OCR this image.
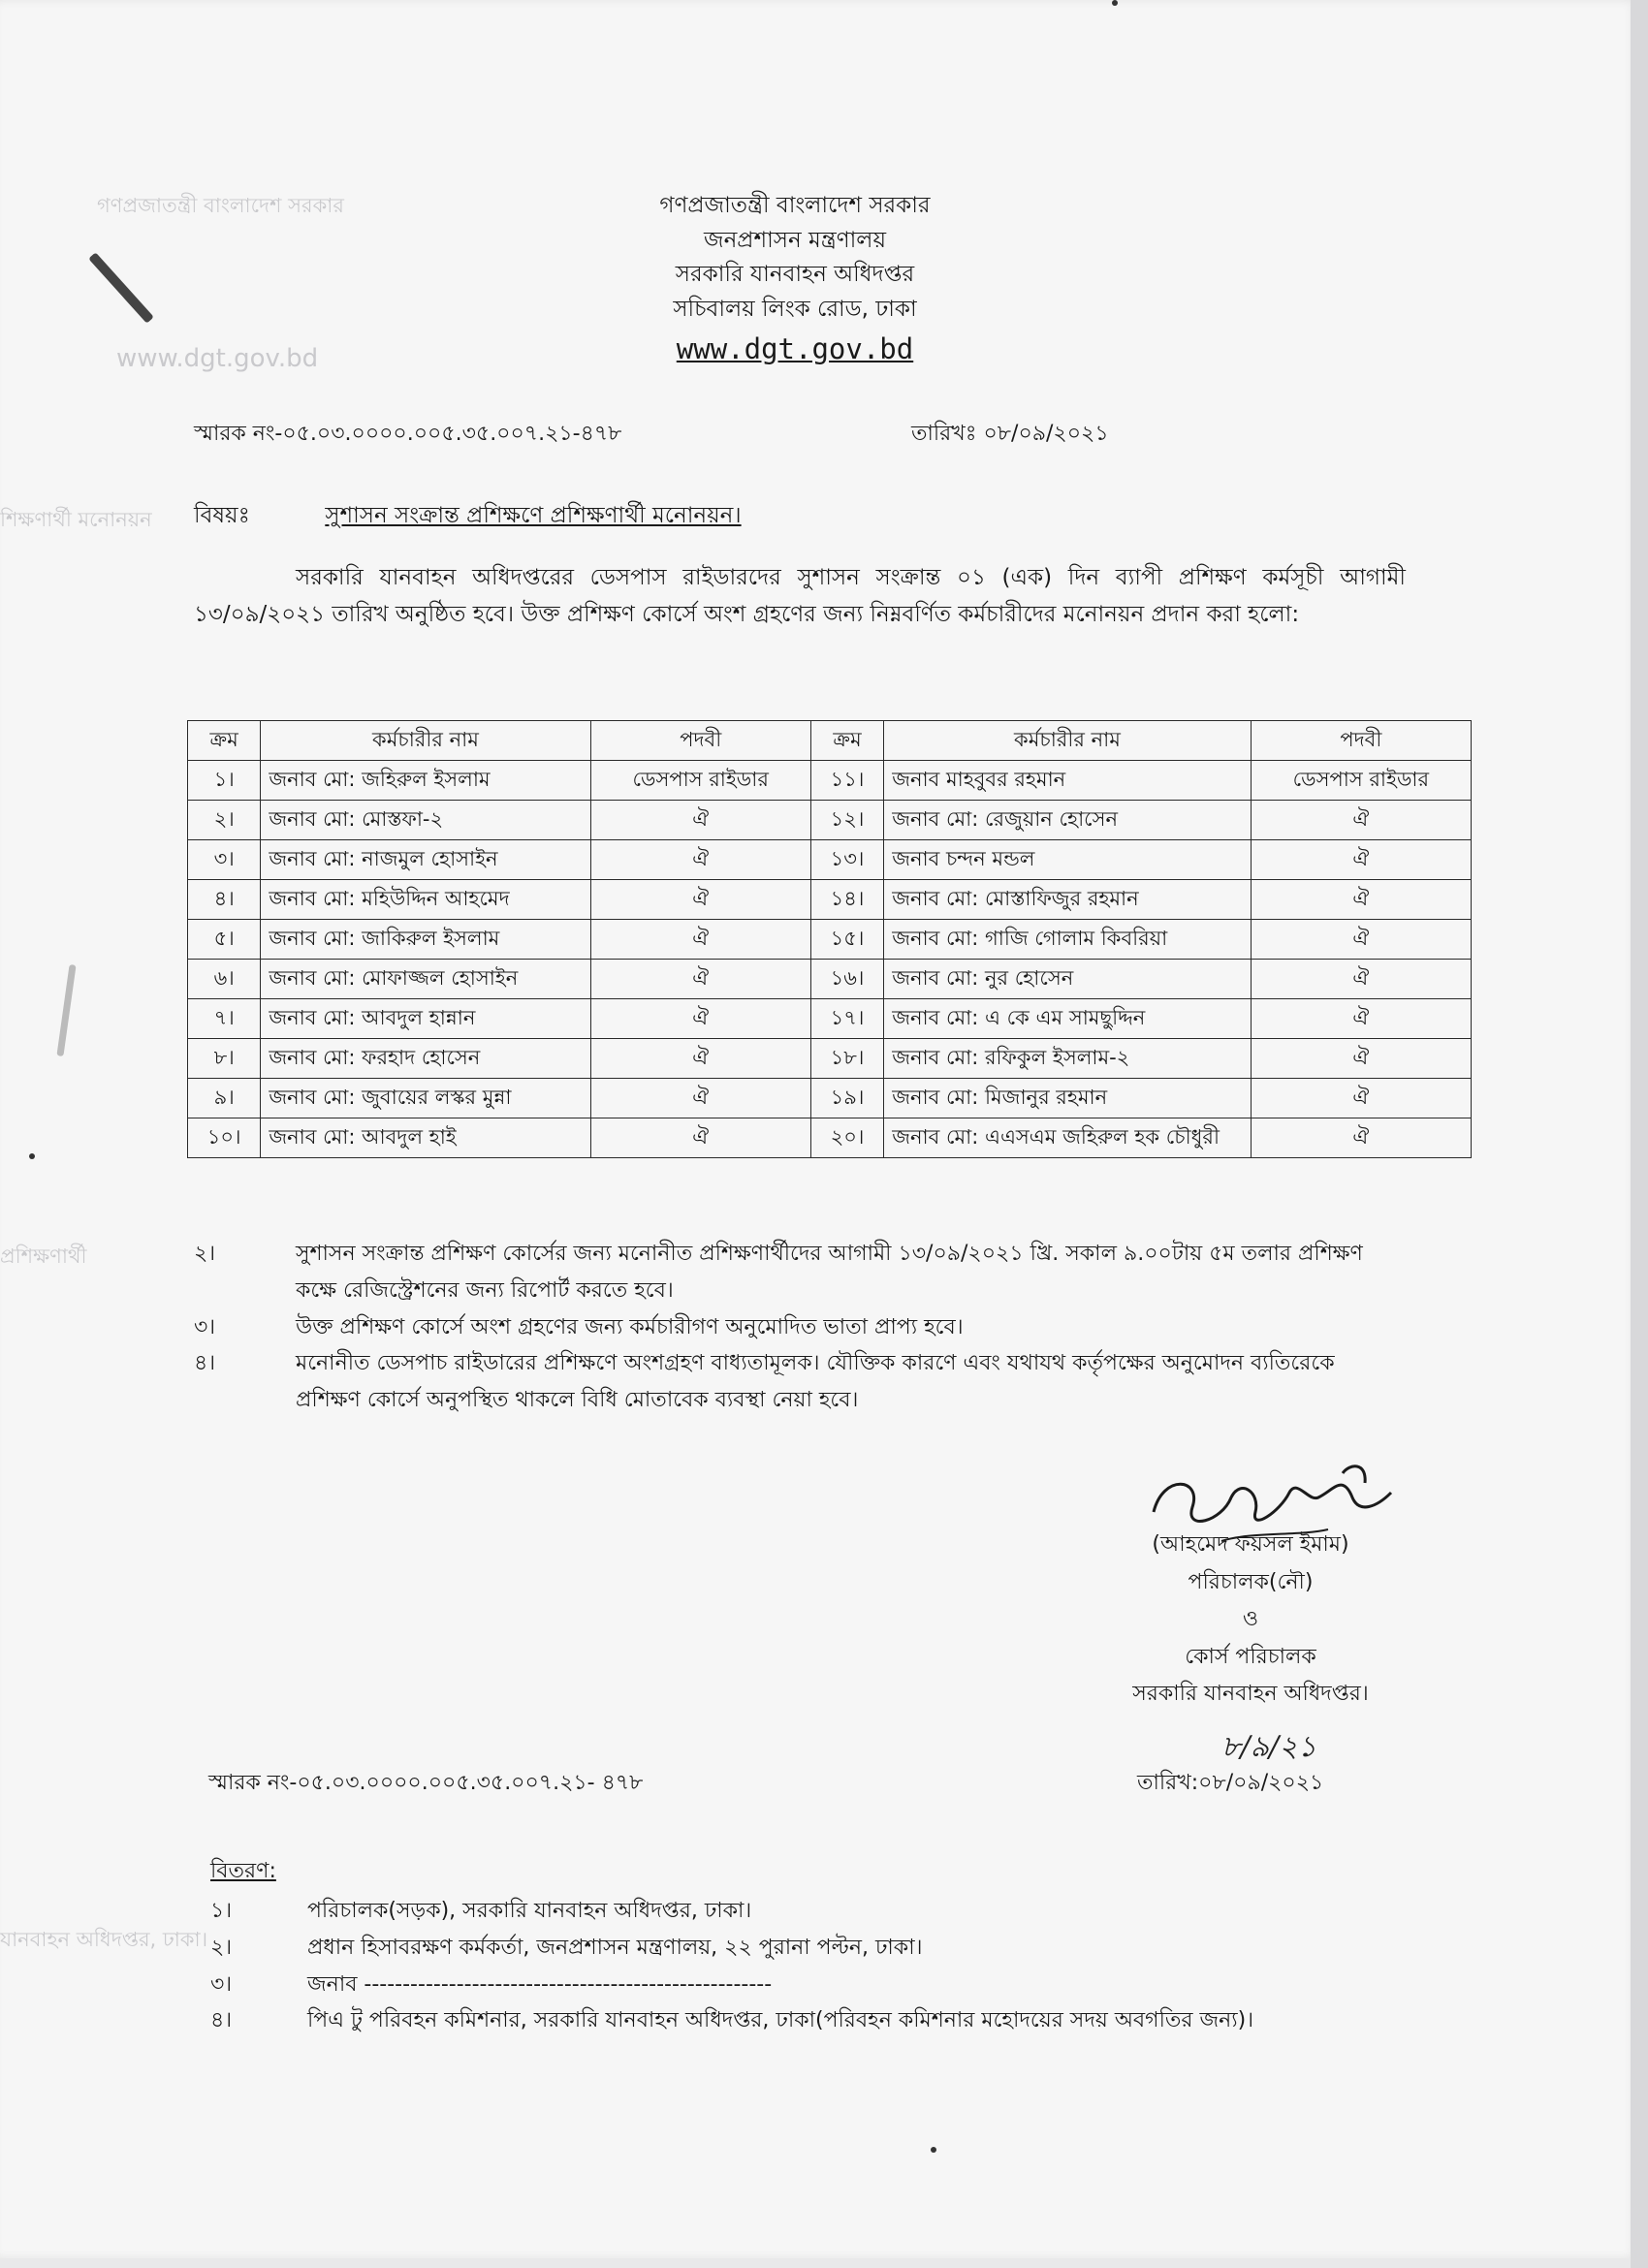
গণপ্রজাতন্ত্রী বাংলাদেশ সরকার
www.dgt.gov.bd
শিক্ষণার্থী মনোনয়ন
প্রশিক্ষণার্থী
যানবাহন অধিদপ্তর, ঢাকা।
গণপ্রজাতন্ত্রী বাংলাদেশ সরকার
জনপ্রশাসন মন্ত্রণালয়
সরকারি যানবাহন অধিদপ্তর
সচিবালয় লিংক রোড, ঢাকা
www.dgt.gov.bd
স্মারক নং-০৫.০৩.০০০০.০০৫.৩৫.০০৭.২১-৪৭৮	তারিখঃ ০৮/০৯/২০২১
বিষয়ঃ	সুশাসন সংক্রান্ত প্রশিক্ষণে প্রশিক্ষণার্থী মনোনয়ন।
সরকারি যানবাহন অধিদপ্তরের ডেসপাস রাইডারদের সুশাসন সংক্রান্ত ০১ (এক) দিন ব্যাপী প্রশিক্ষণ কর্মসূচী আগামী ১৩/০৯/২০২১ তারিখ অনুষ্ঠিত হবে। উক্ত প্রশিক্ষণ কোর্সে অংশ গ্রহণের জন্য নিম্নবর্ণিত কর্মচারীদের মনোনয়ন প্রদান করা হলো:
ক্রম	কর্মচারীর নাম	পদবী	ক্রম	কর্মচারীর নাম	পদবী
১।	জনাব মো: জহিরুল ইসলাম	ডেসপাস রাইডার	১১।	জনাব মাহবুবর রহমান	ডেসপাস রাইডার
২।	জনাব মো: মোস্তফা-২	ঐ	১২।	জনাব মো: রেজুয়ান হোসেন	ঐ
৩।	জনাব মো: নাজমুল হোসাইন	ঐ	১৩।	জনাব চন্দন মন্ডল	ঐ
৪।	জনাব মো: মহিউদ্দিন আহমেদ	ঐ	১৪।	জনাব মো: মোস্তাফিজুর রহমান	ঐ
৫।	জনাব মো: জাকিরুল ইসলাম	ঐ	১৫।	জনাব মো: গাজি গোলাম কিবরিয়া	ঐ
৬।	জনাব মো: মোফাজ্জল হোসাইন	ঐ	১৬।	জনাব মো: নুর হোসেন	ঐ
৭।	জনাব মো: আবদুল হান্নান	ঐ	১৭।	জনাব মো: এ কে এম সামছুদ্দিন	ঐ
৮।	জনাব মো: ফরহাদ হোসেন	ঐ	১৮।	জনাব মো: রফিকুল ইসলাম-২	ঐ
৯।	জনাব মো: জুবায়ের লস্কর মুন্না	ঐ	১৯।	জনাব মো: মিজানুর রহমান	ঐ
১০।	জনাব মো: আবদুল হাই	ঐ	২০।	জনাব মো: এএসএম জহিরুল হক চৌধুরী	ঐ
২।	সুশাসন সংক্রান্ত প্রশিক্ষণ কোর্সের জন্য মনোনীত প্রশিক্ষণার্থীদের আগামী ১৩/০৯/২০২১ খ্রি. সকাল ৯.০০টায় ৫ম তলার প্রশিক্ষণ কক্ষে রেজিস্ট্রেশনের জন্য রিপোর্ট করতে হবে।
৩।	উক্ত প্রশিক্ষণ কোর্সে অংশ গ্রহণের জন্য কর্মচারীগণ অনুমোদিত ভাতা প্রাপ্য হবে।
৪।	মনোনীত ডেসপাচ রাইডারের প্রশিক্ষণে অংশগ্রহণ বাধ্যতামূলক। যৌক্তিক কারণে এবং যথাযথ কর্তৃপক্ষের অনুমোদন ব্যতিরেকে প্রশিক্ষণ কোর্সে অনুপস্থিত থাকলে বিধি মোতাবেক ব্যবস্থা নেয়া হবে।
(আহমেদ ফয়সল ইমাম)
পরিচালক(নৌ)
ও
কোর্স পরিচালক
সরকারি যানবাহন অধিদপ্তর।
৮/৯/২১
স্মারক নং-০৫.০৩.০০০০.০০৫.৩৫.০০৭.২১- ৪৭৮	তারিখ:০৮/০৯/২০২১
বিতরণ:
১।	পরিচালক(সড়ক), সরকারি যানবাহন অধিদপ্তর, ঢাকা।
২।	প্রধান হিসাবরক্ষণ কর্মকর্তা, জনপ্রশাসন মন্ত্রণালয়, ২২ পুরানা পল্টন, ঢাকা।
৩।	জনাব -----------------------------------------------------
৪।	পিএ টু পরিবহন কমিশনার, সরকারি যানবাহন অধিদপ্তর, ঢাকা(পরিবহন কমিশনার মহোদয়ের সদয় অবগতির জন্য)।
